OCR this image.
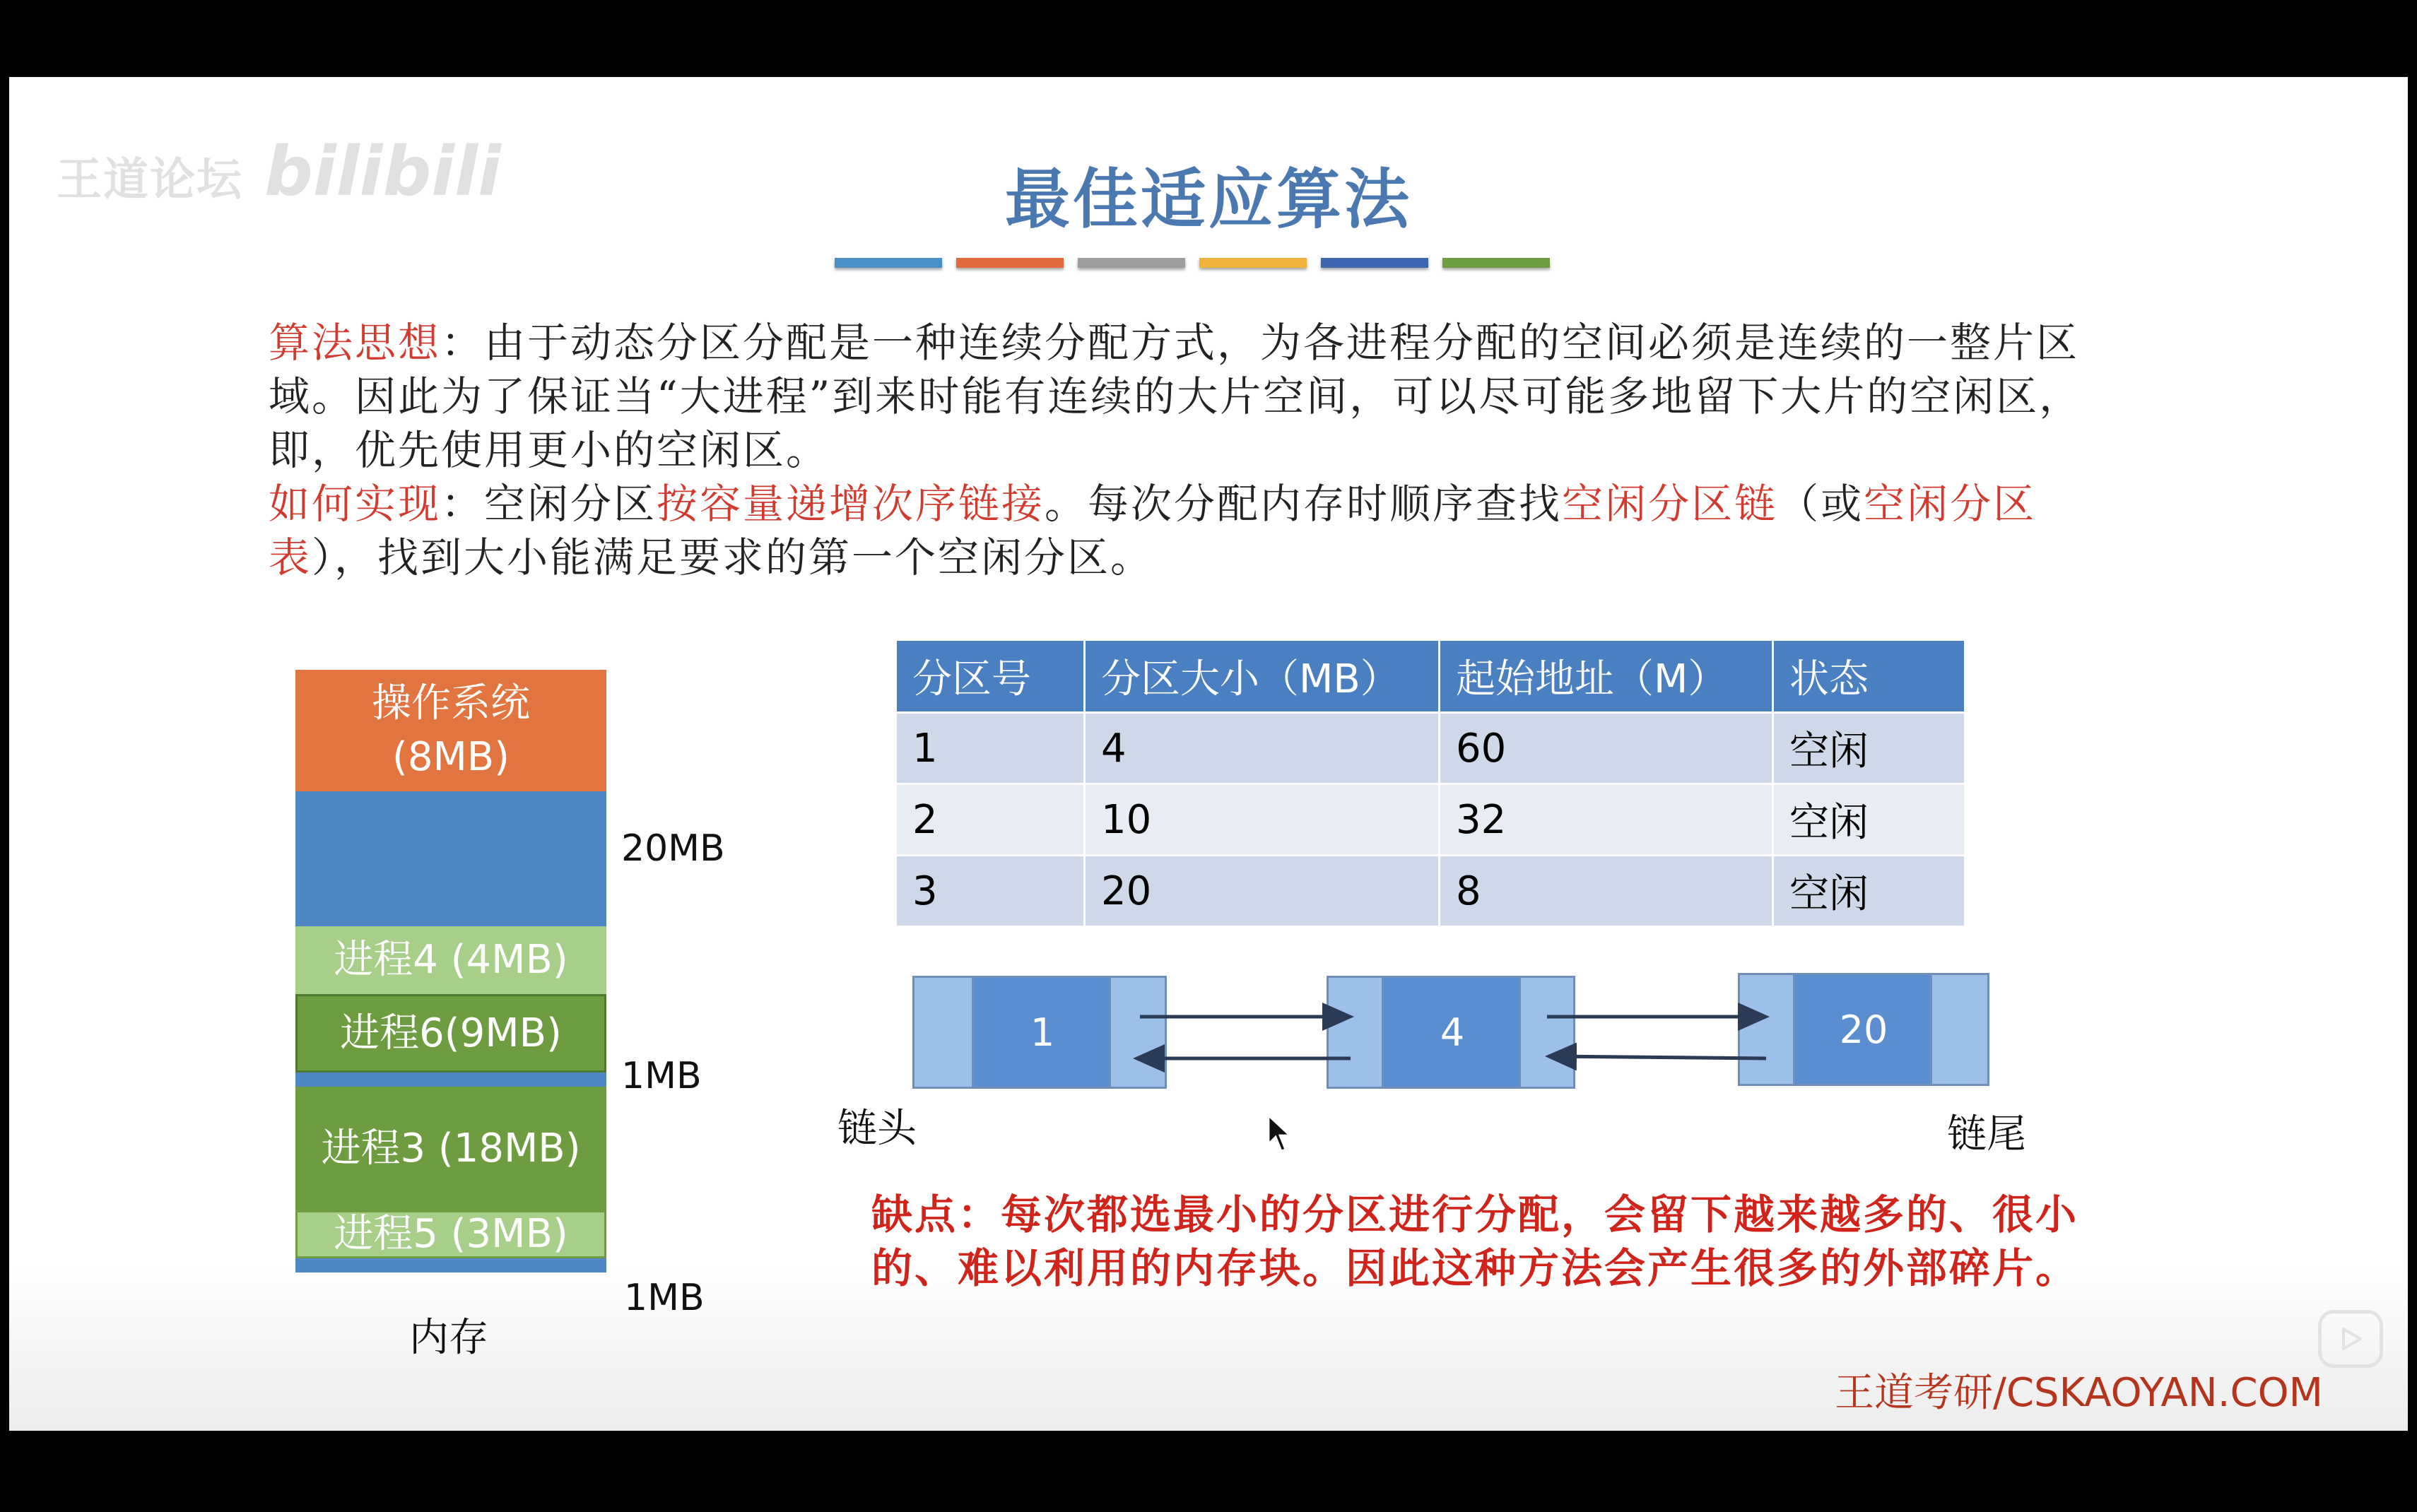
王道论坛 bilibili	最佳适应算法
算法思想：由于动态分区分配是一种连续分配方式，为各进程分配的空间必须是连续的一整片区
域。因此为了保证当“大进程”到来时能有连续的大片空间，可以尽可能多地留下大片的空闲区，
即，优先使用更小的空闲区。
如何实现：空闲分区按容量递增次序链接。每次分配内存时顺序查找空闲分区链（或空闲分区
表），找到大小能满足要求的第一个空闲分区。
操作系统
(8MB)
进程4 (4MB)
进程6(9MB)
进程3 (18MB)
进程5 (3MB)
20MB
1MB
1MB
内存
分区号	分区大小（MB）	起始地址（M）	状态
1	4	60	空闲
2	10	32	空闲
3	20	8	空闲
1	4	20
链头	链尾
缺点：每次都选最小的分区进行分配，会留下越来越多的、很小
的、难以利用的内存块。因此这种方法会产生很多的外部碎片。
王道考研/CSKAOYAN.COM
